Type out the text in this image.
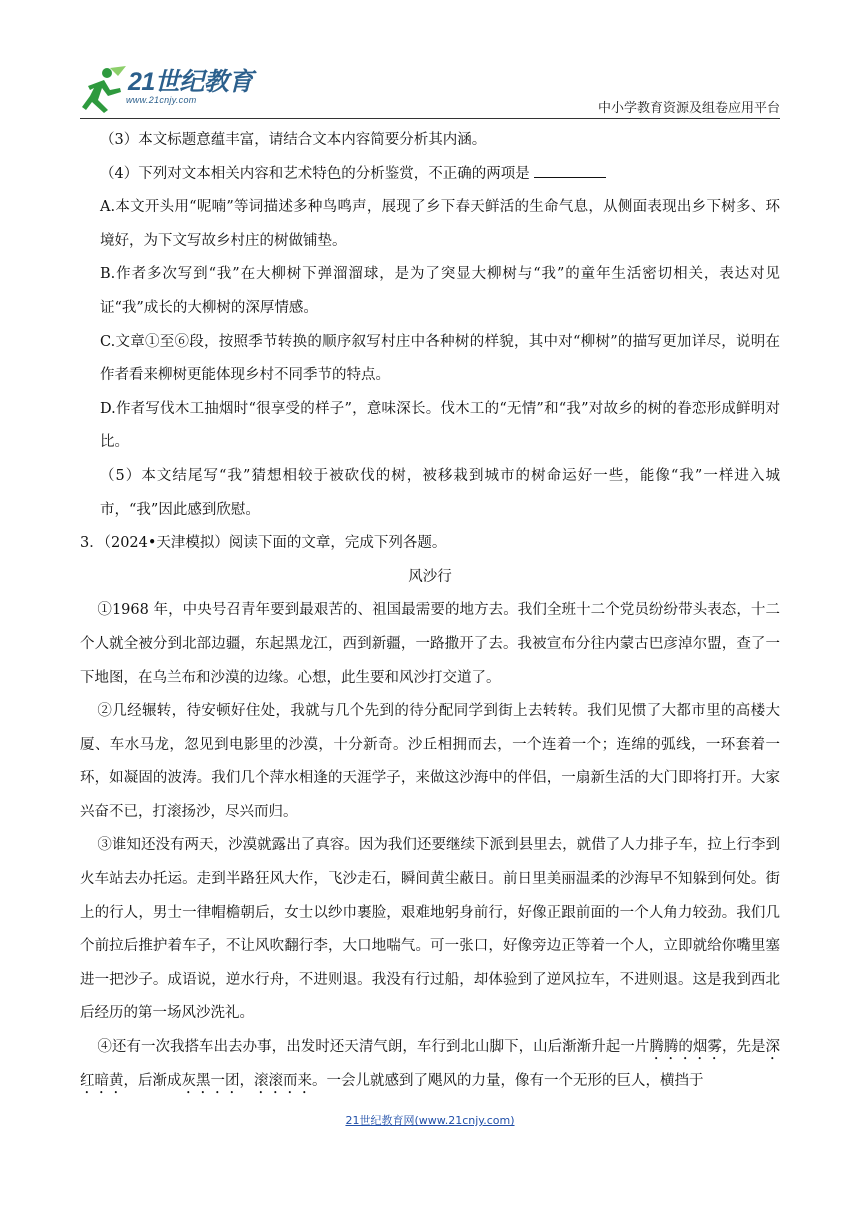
21世纪教育
www.21cnjy.com
中小学教育资源及组卷应用平台

（3）本文标题意蕴丰富，请结合文本内容简要分析其内涵。

（4）下列对文本相关内容和艺术特色的分析鉴赏，不正确的两项是

A.本文开头用“呢喃”等词描述多种鸟鸣声，展现了乡下春天鲜活的生命气息，从侧面表现出乡下树多、环境好，为下文写故乡村庄的树做铺垫。

B.作者多次写到“我”在大柳树下弹溜溜球，是为了突显大柳树与“我”的童年生活密切相关，表达对见证“我”成长的大柳树的深厚情感。

C.文章①至⑥段，按照季节转换的顺序叙写村庄中各种树的样貌，其中对“柳树”的描写更加详尽，说明在作者看来柳树更能体现乡村不同季节的特点。

D.作者写伐木工抽烟时“很享受的样子”，意味深长。伐木工的“无情”和“我”对故乡的树的眷恋形成鲜明对比。

（5）本文结尾写“我”猜想相较于被砍伐的树，被移栽到城市的树命运好一些，能像“我”一样进入城市，“我”因此感到欣慰。

3．（2024•天津模拟）阅读下面的文章，完成下列各题。

风沙行

①1968 年，中央号召青年要到最艰苦的、祖国最需要的地方去。我们全班十二个党员纷纷带头表态，十二个人就全被分到北部边疆，东起黑龙江，西到新疆，一路撒开了去。我被宣布分往内蒙古巴彦淖尔盟，查了一下地图，在乌兰布和沙漠的边缘。心想，此生要和风沙打交道了。

②几经辗转，待安顿好住处，我就与几个先到的待分配同学到街上去转转。我们见惯了大都市里的高楼大厦、车水马龙，忽见到电影里的沙漠，十分新奇。沙丘相拥而去，一个连着一个；连绵的弧线，一环套着一环，如凝固的波涛。我们几个萍水相逢的天涯学子，来做这沙海中的伴侣，一扇新生活的大门即将打开。大家兴奋不已，打滚扬沙，尽兴而归。

③谁知还没有两天，沙漠就露出了真容。因为我们还要继续下派到县里去，就借了人力排子车，拉上行李到火车站去办托运。走到半路狂风大作，飞沙走石，瞬间黄尘蔽日。前日里美丽温柔的沙海早不知躲到何处。街上的行人，男士一律帽檐朝后，女士以纱巾裹脸，艰难地躬身前行，好像正跟前面的一个人角力较劲。我们几个前拉后推护着车子，不让风吹翻行李，大口地喘气。可一张口，好像旁边正等着一个人，立即就给你嘴里塞进一把沙子。成语说，逆水行舟，不进则退。我没有行过船，却体验到了逆风拉车，不进则退。这是我到西北后经历的第一场风沙洗礼。

④还有一次我搭车出去办事，出发时还天清气朗，车行到北山脚下，山后渐渐升起一片腾腾的烟雾，先是深红暗黄，后渐成灰黑一团，滚滚而来。一会儿就感到了飓风的力量，像有一个无形的巨人，横挡于

21世纪教育网(www.21cnjy.com)
